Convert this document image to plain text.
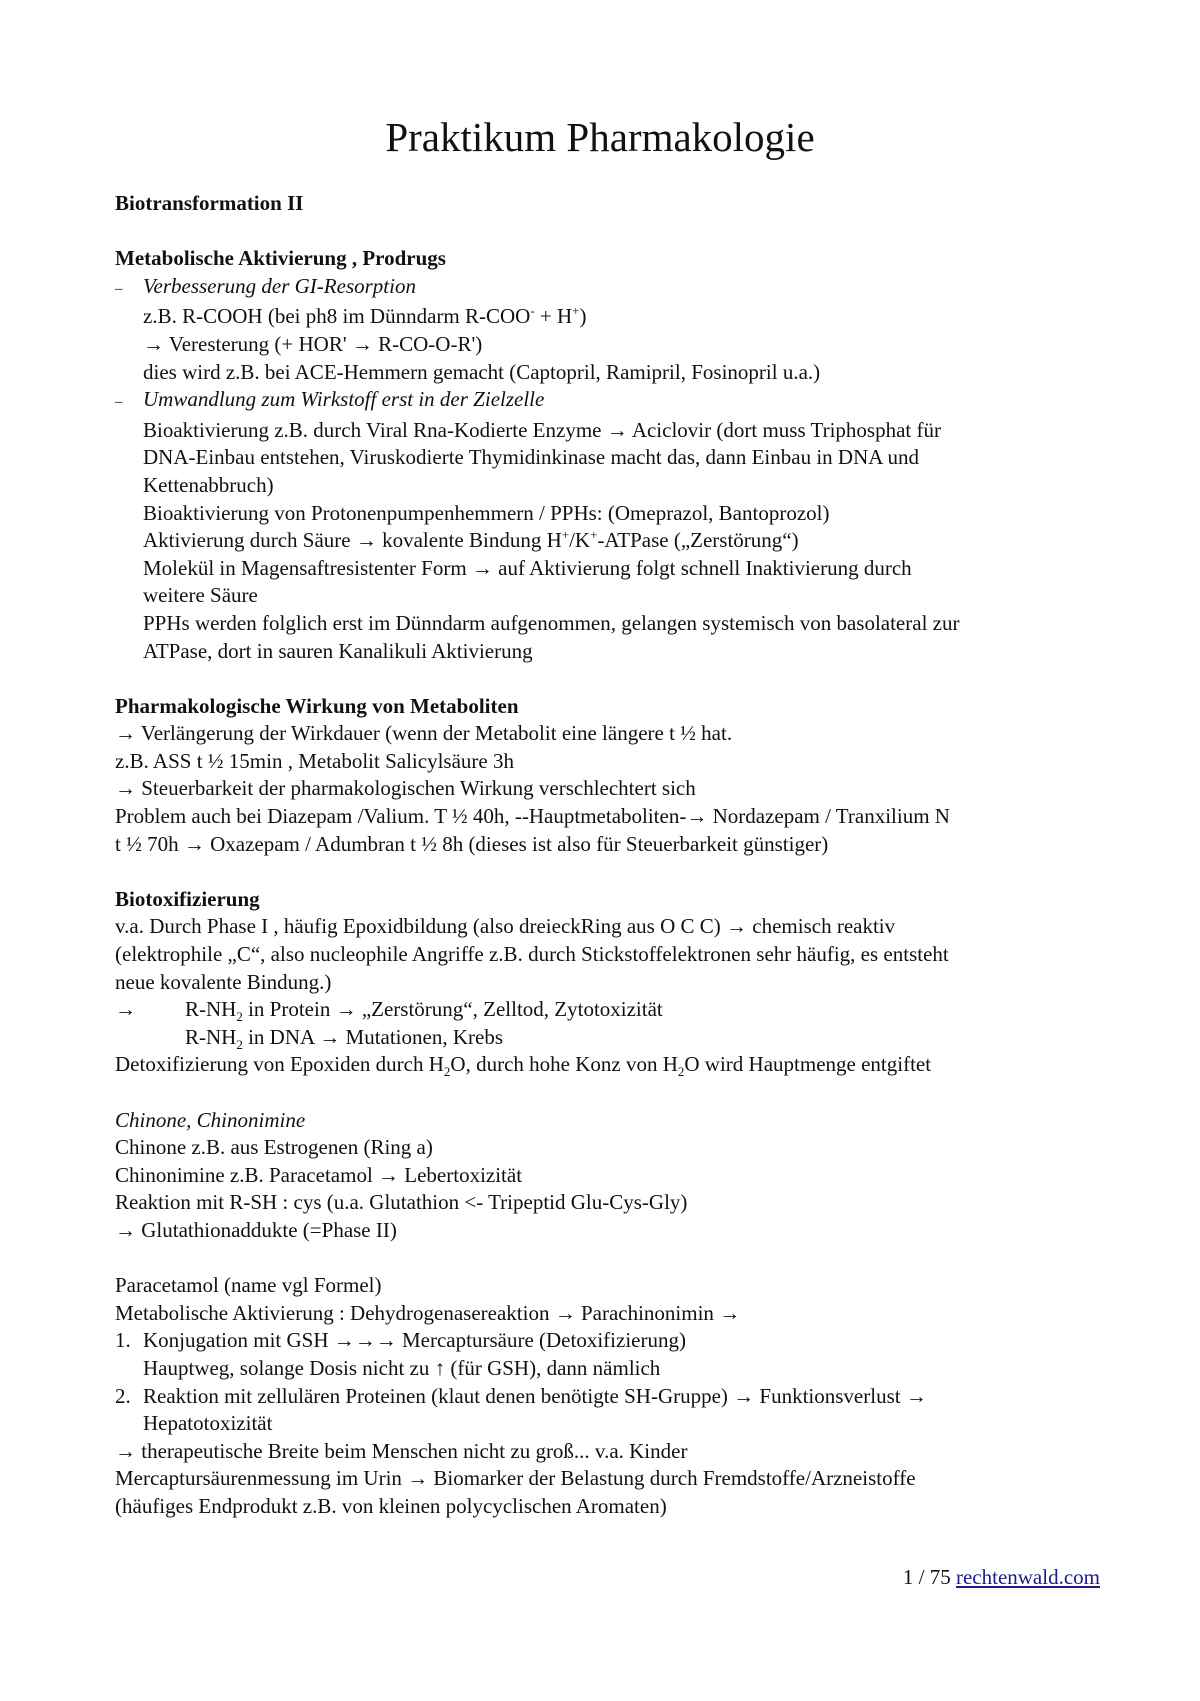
Praktikum Pharmakologie
Biotransformation II
Metabolische Aktivierung , Prodrugs
– Verbesserung der GI-Resorption
z.B. R-COOH (bei ph8 im Dünndarm R-COO- + H+)
→ Veresterung (+ HOR' → R-CO-O-R')
dies wird z.B. bei ACE-Hemmern gemacht (Captopril, Ramipril, Fosinopril u.a.)
– Umwandlung zum Wirkstoff erst in der Zielzelle
Bioaktivierung z.B. durch Viral Rna-Kodierte Enzyme → Aciclovir (dort muss Triphosphat für
DNA-Einbau entstehen, Viruskodierte Thymidinkinase macht das, dann Einbau in DNA und
Kettenabbruch)
Bioaktivierung von Protonenpumpenhemmern / PPHs: (Omeprazol, Bantoprozol)
Aktivierung durch Säure → kovalente Bindung H+/K+-ATPase („Zerstörung“)
Molekül in Magensaftresistenter Form → auf Aktivierung folgt schnell Inaktivierung durch
weitere Säure
PPHs werden folglich erst im Dünndarm aufgenommen, gelangen systemisch von basolateral zur
ATPase, dort in sauren Kanalikuli Aktivierung
Pharmakologische Wirkung von Metaboliten
→ Verlängerung der Wirkdauer (wenn der Metabolit eine längere t ½ hat.
z.B. ASS t ½ 15min , Metabolit Salicylsäure 3h
→ Steuerbarkeit der pharmakologischen Wirkung verschlechtert sich
Problem auch bei Diazepam /Valium. T ½ 40h, --Hauptmetaboliten-→ Nordazepam / Tranxilium N
t ½ 70h → Oxazepam / Adumbran t ½ 8h (dieses ist also für Steuerbarkeit günstiger)
Biotoxifizierung
v.a. Durch Phase I , häufig Epoxidbildung (also dreieckRing aus O C C) → chemisch reaktiv
(elektrophile „C“, also nucleophile Angriffe z.B. durch Stickstoffelektronen sehr häufig, es entsteht
neue kovalente Bindung.)
→ $R-NH_2$ in Protein → „Zerstörung“, Zelltod, Zytotoxizität
$R-NH_2$ in DNA → Mutationen, Krebs
Detoxifizierung von Epoxiden durch $H_2O$, durch hohe Konz von $H_2O$ wird Hauptmenge entgiftet
Chinone, Chinonimine
Chinone z.B. aus Estrogenen (Ring a)
Chinonimine z.B. Paracetamol → Lebertoxizität
Reaktion mit R-SH : cys (u.a. Glutathion <- Tripeptid Glu-Cys-Gly)
→ Glutathionaddukte (=Phase II)
Paracetamol (name vgl Formel)
Metabolische Aktivierung : Dehydrogenasereaktion → Parachinonimin →
1. Konjugation mit GSH →→→ Mercaptursäure (Detoxifizierung)
Hauptweg, solange Dosis nicht zu ↑ (für GSH), dann nämlich
2. Reaktion mit zellulären Proteinen (klaut denen benötigte SH-Gruppe) → Funktionsverlust →
Hepatotoxizität
→ therapeutische Breite beim Menschen nicht zu groß... v.a. Kinder
Mercaptursäurenmessung im Urin → Biomarker der Belastung durch Fremdstoffe/Arzneistoffe
(häufiges Endprodukt z.B. von kleinen polycyclischen Aromaten)
1 / 75 rechtenwald.com
